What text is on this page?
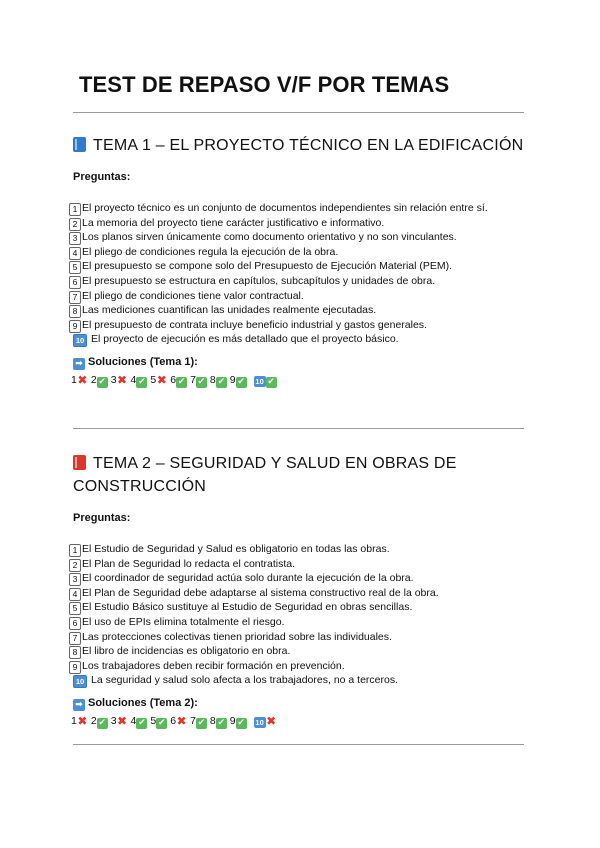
TEST DE REPASO V/F POR TEMAS
TEMA 1 – EL PROYECTO TÉCNICO EN LA EDIFICACIÓN
Preguntas:
1 El proyecto técnico es un conjunto de documentos independientes sin relación entre sí.
2 La memoria del proyecto tiene carácter justificativo e informativo.
3 Los planos sirven únicamente como documento orientativo y no son vinculantes.
4 El pliego de condiciones regula la ejecución de la obra.
5 El presupuesto se compone solo del Presupuesto de Ejecución Material (PEM).
6 El presupuesto se estructura en capítulos, subcapítulos y unidades de obra.
7 El pliego de condiciones tiene valor contractual.
8 Las mediciones cuantifican las unidades realmente ejecutadas.
9 El presupuesto de contrata incluye beneficio industrial y gastos generales.
10 El proyecto de ejecución es más detallado que el proyecto básico.
➡ Soluciones (Tema 1):
1✖ 2 ✔ 3✖ 4 ✔ 5✖ 6 ✔ 7 ✔ 8 ✔ 9 ✔ 10 ✔
TEMA 2 – SEGURIDAD Y SALUD EN OBRAS DE CONSTRUCCIÓN
Preguntas:
1 El Estudio de Seguridad y Salud es obligatorio en todas las obras.
2 El Plan de Seguridad lo redacta el contratista.
3 El coordinador de seguridad actúa solo durante la ejecución de la obra.
4 El Plan de Seguridad debe adaptarse al sistema constructivo real de la obra.
5 El Estudio Básico sustituye al Estudio de Seguridad en obras sencillas.
6 El uso de EPIs elimina totalmente el riesgo.
7 Las protecciones colectivas tienen prioridad sobre las individuales.
8 El libro de incidencias es obligatorio en obra.
9 Los trabajadores deben recibir formación en prevención.
10 La seguridad y salud solo afecta a los trabajadores, no a terceros.
➡ Soluciones (Tema 2):
1✖ 2 ✔ 3✖ 4 ✔ 5 ✔ 6✖ 7 ✔ 8 ✔ 9 ✔ 10 ✖
